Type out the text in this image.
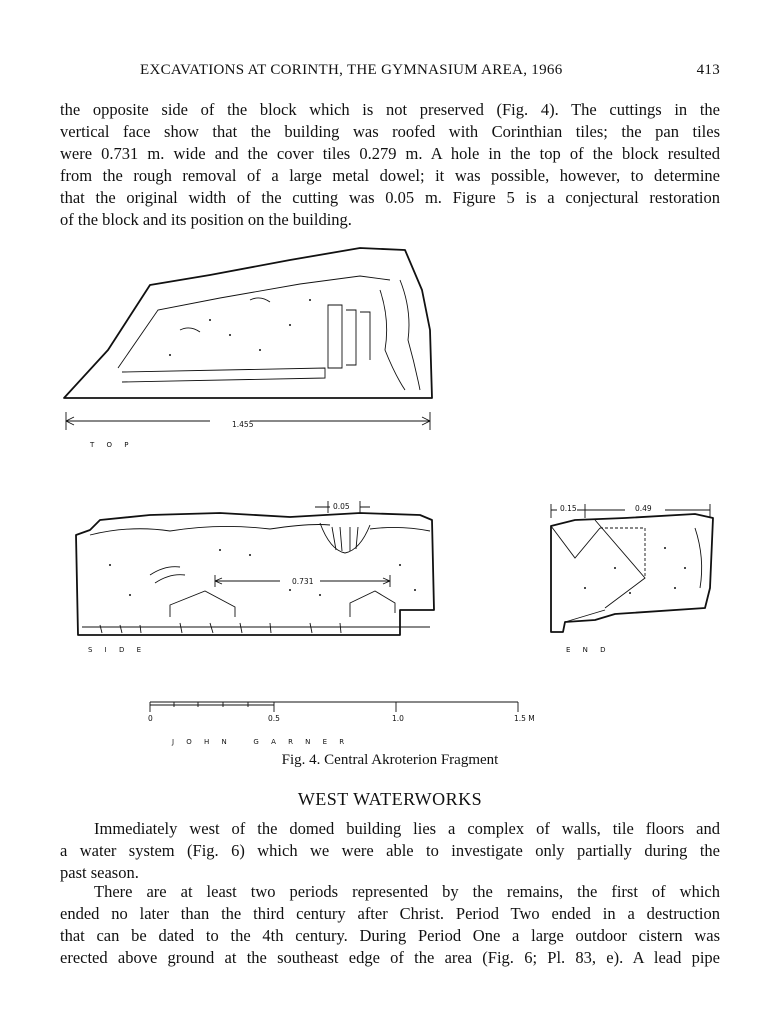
EXCAVATIONS AT CORINTH, THE GYMNASIUM AREA, 1966	413
the opposite side of the block which is not preserved (Fig. 4). The cuttings in the
vertical face show that the building was roofed with Corinthian tiles; the pan tiles
were 0.731 m. wide and the cover tiles 0.279 m. A hole in the top of the block resulted
from the rough removal of a large metal dowel; it was possible, however, to determine
that the original width of the cutting was 0.05 m. Figure 5 is a conjectural restoration
of the block and its position on the building.
1.455
T O P
0.731
0.05
S I D E
0.15	0.49
E N D
0	0.5	1.0	1.5 M
J O H N   G A R N E R
Fig. 4. Central Akroterion Fragment
WEST WATERWORKS
Immediately west of the domed building lies a complex of walls, tile floors and
a water system (Fig. 6) which we were able to investigate only partially during the
past season.
There are at least two periods represented by the remains, the first of which
ended no later than the third century after Christ. Period Two ended in a destruction
that can be dated to the 4th century. During Period One a large outdoor cistern was
erected above ground at the southeast edge of the area (Fig. 6; Pl. 83, e). A lead pipe
